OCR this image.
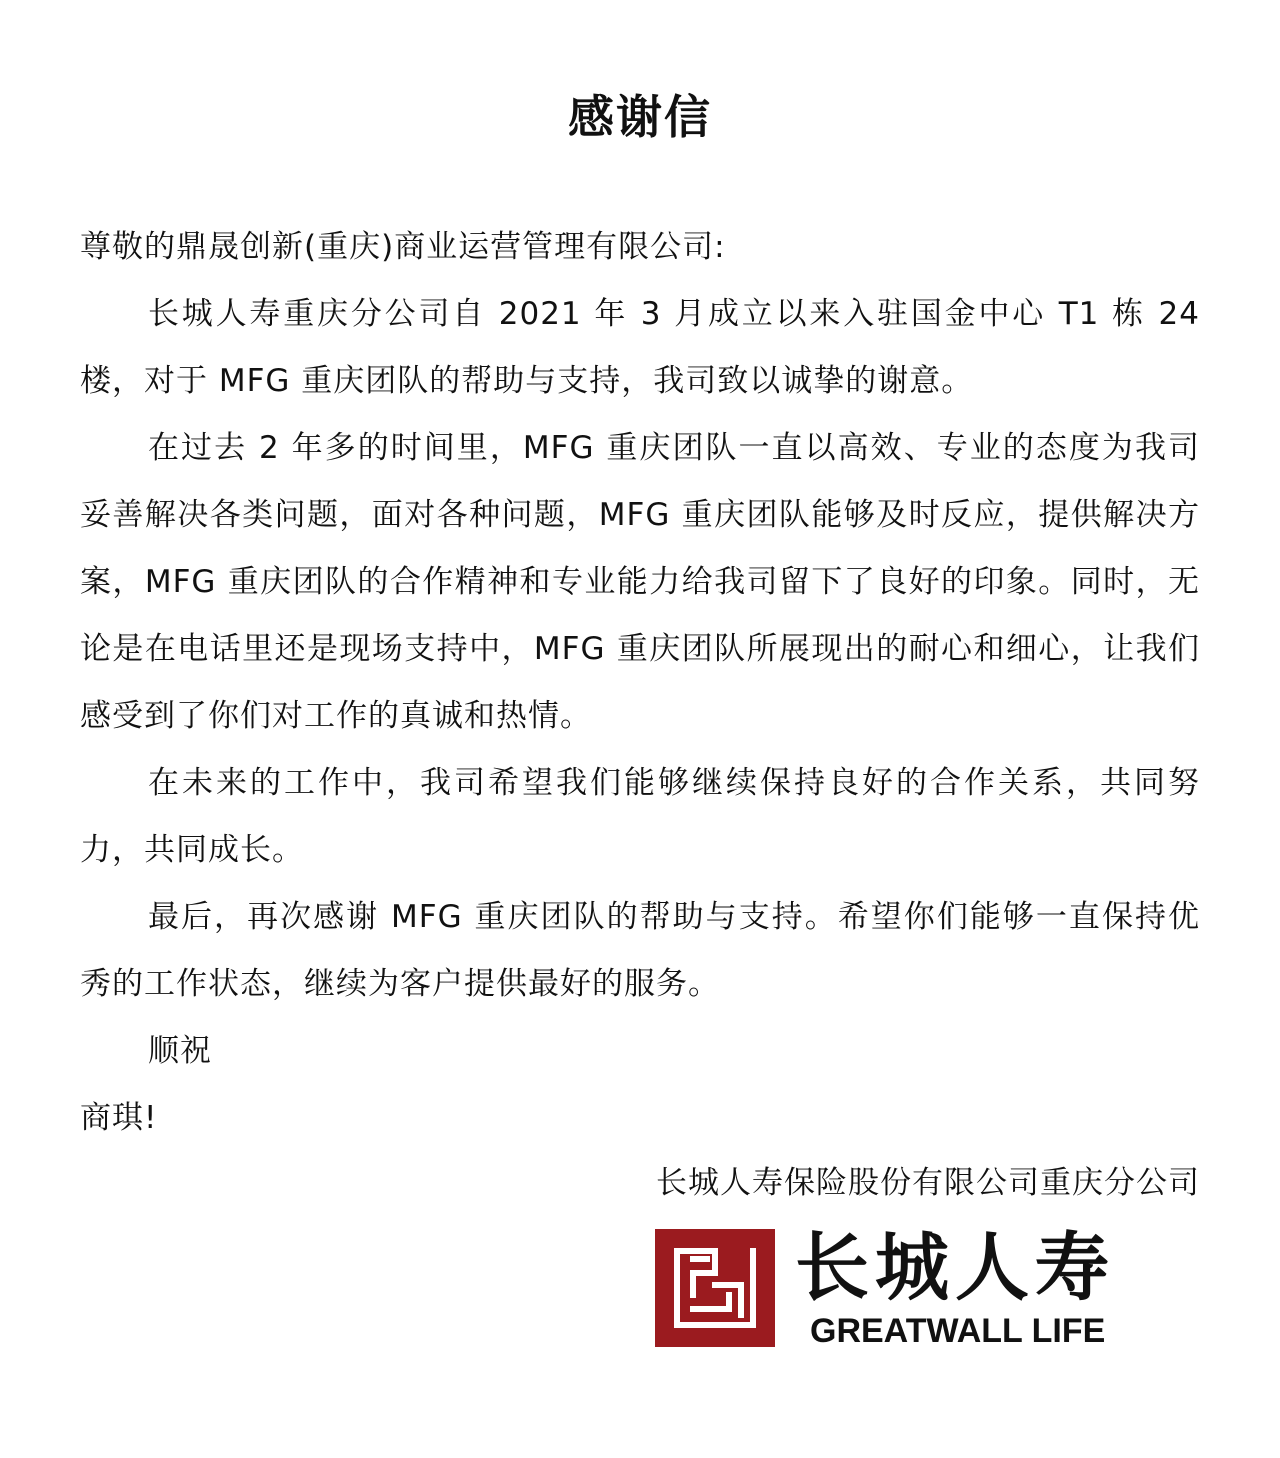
感谢信

尊敬的鼎晟创新(重庆)商业运营管理有限公司:

长城人寿重庆分公司自 2021 年 3 月成立以来入驻国金中心 T1 栋 24 楼，对于 MFG 重庆团队的帮助与支持，我司致以诚挚的谢意。

在过去 2 年多的时间里，MFG 重庆团队一直以高效、专业的态度为我司妥善解决各类问题，面对各种问题，MFG 重庆团队能够及时反应，提供解决方案，MFG 重庆团队的合作精神和专业能力给我司留下了良好的印象。同时，无论是在电话里还是现场支持中，MFG 重庆团队所展现出的耐心和细心，让我们感受到了你们对工作的真诚和热情。

在未来的工作中，我司希望我们能够继续保持良好的合作关系，共同努力，共同成长。

最后，再次感谢 MFG 重庆团队的帮助与支持。希望你们能够一直保持优秀的工作状态，继续为客户提供最好的服务。

顺祝

商琪!

长城人寿保险股份有限公司重庆分公司
长城人寿
GREATWALL LIFE
